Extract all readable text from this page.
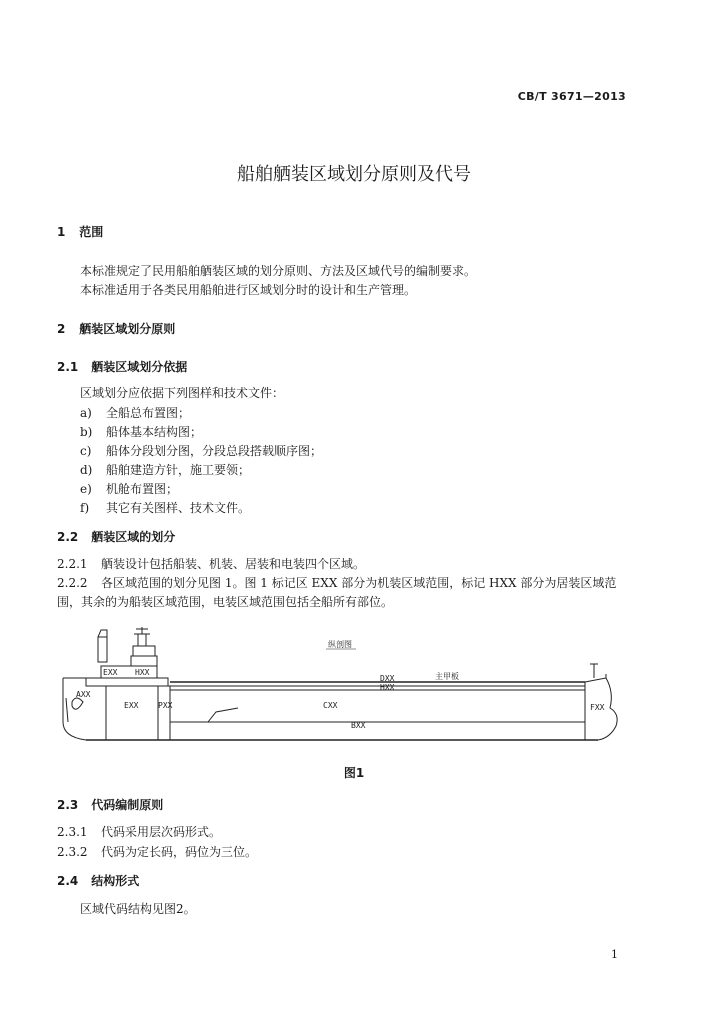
CB/T 3671—2013
船舶舾装区域划分原则及代号
1 范围
本标准规定了民用船舶舾装区域的划分原则、方法及区域代号的编制要求。
本标准适用于各类民用船舶进行区域划分时的设计和生产管理。
2 舾装区域划分原则
2.1 舾装区域划分依据
区域划分应依据下列图样和技术文件：
a) 全船总布置图；
b) 船体基本结构图；
c) 船体分段划分图，分段总段搭载顺序图；
d) 船舶建造方针，施工要领；
e) 机舱布置图；
f) 其它有关图样、技术文件。
2.2 舾装区域的划分
2.2.1 舾装设计包括船装、机装、居装和电装四个区域。
2.2.2 各区域范围的划分见图 1。图 1 标记区 EXX 部分为机装区域范围，标记 HXX 部分为居装区域范
围，其余的为船装区域范围，电装区域范围包括全船所有部位。
纵剖图
主甲板
EXX HXX
AXX
EXX PXX
DXX
HXX
CXX
BXX
FXX
图1
2.3 代码编制原则
2.3.1 代码采用层次码形式。
2.3.2 代码为定长码，码位为三位。
2.4 结构形式
区域代码结构见图2。
1
